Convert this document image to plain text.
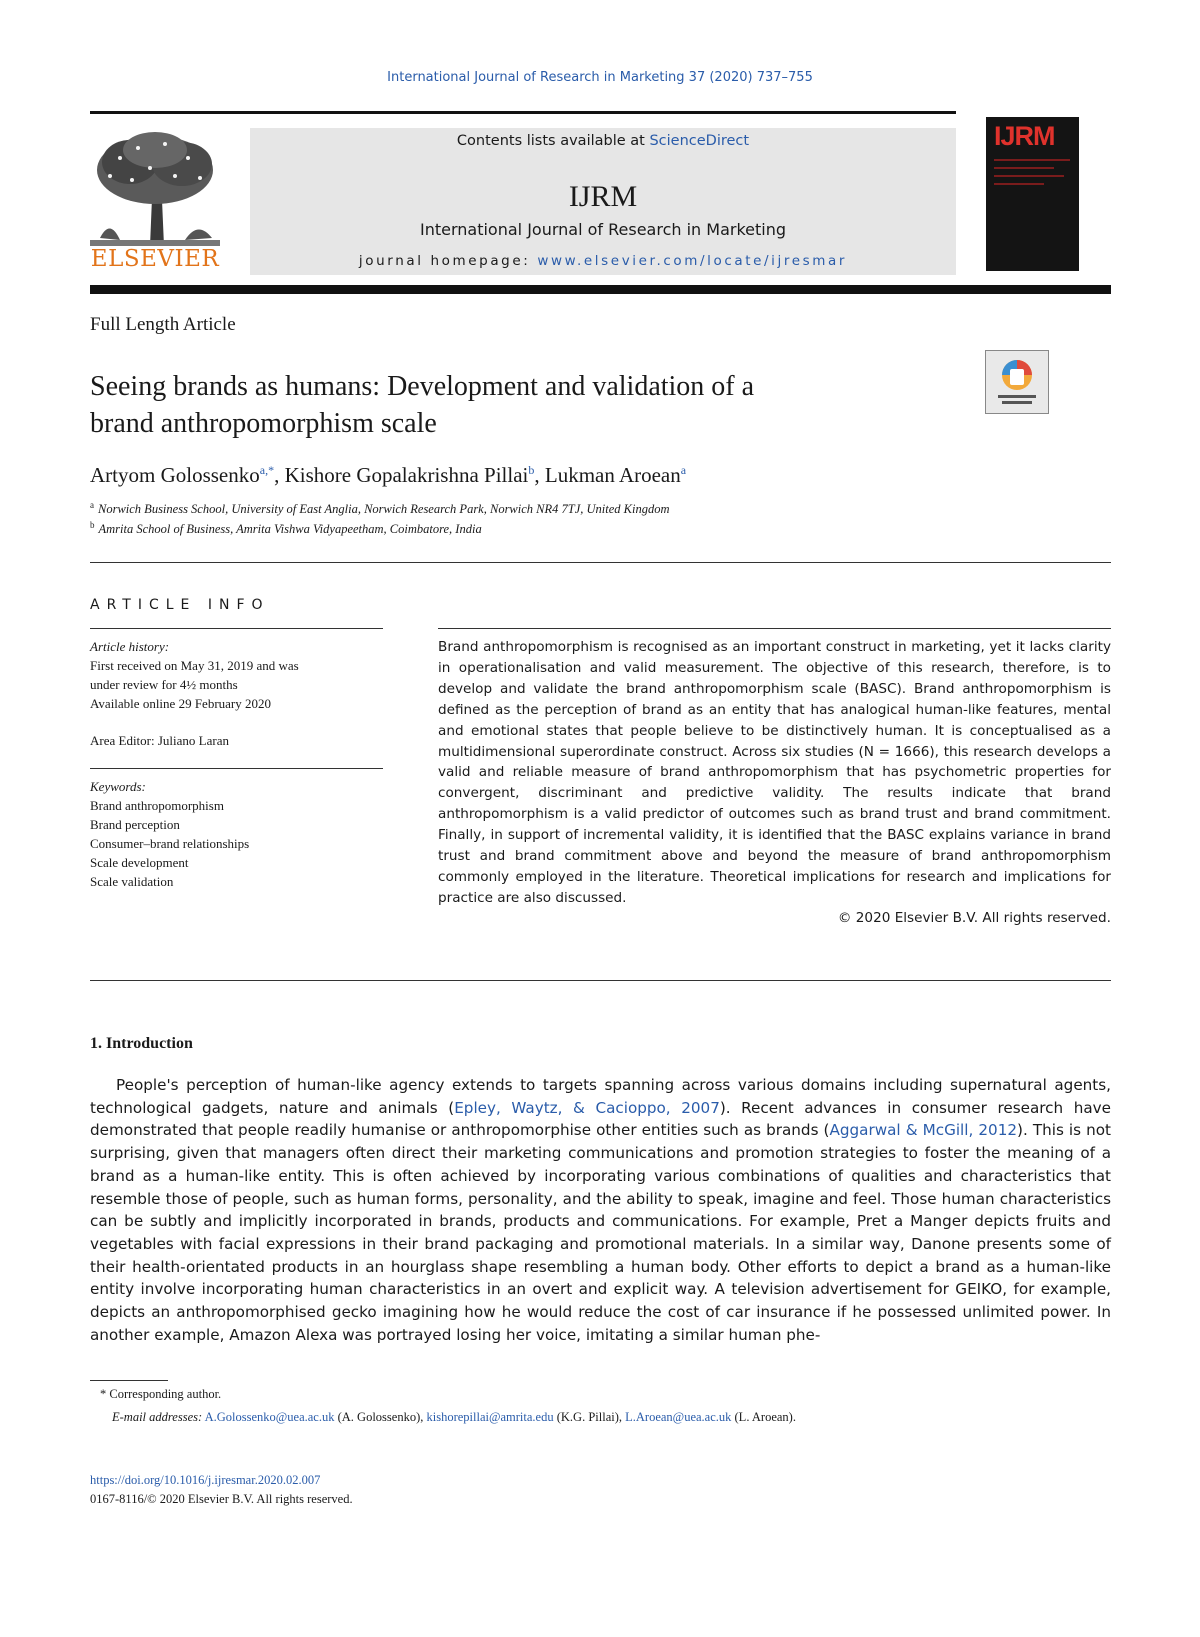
International Journal of Research in Marketing 37 (2020) 737–755
ELSEVIER
Contents lists available at ScienceDirect
IJRM
International Journal of Research in Marketing
journal homepage: www.elsevier.com/locate/ijresmar
IJRM
Full Length Article
Seeing brands as humans: Development and validation of a
brand anthropomorphism scale
Artyom Golossenko$^{a,*}$, Kishore Gopalakrishna Pillai$^b$, Lukman Aroean$^a$
$^a$ Norwich Business School, University of East Anglia, Norwich Research Park, Norwich NR4 7TJ, United Kingdom
$^b$ Amrita School of Business, Amrita Vishwa Vidyapeetham, Coimbatore, India
ARTICLE INFO
Article history:
First received on May 31, 2019 and was
under review for 4½ months
Available online 29 February 2020
Area Editor: Juliano Laran
Keywords:
Brand anthropomorphism
Brand perception
Consumer–brand relationships
Scale development
Scale validation
Brand anthropomorphism is recognised as an important construct in marketing, yet it lacks clarity in operationalisation and valid measurement. The objective of this research, therefore, is to develop and validate the brand anthropomorphism scale (BASC). Brand anthropomorphism is defined as the perception of brand as an entity that has analogical human-like features, mental and emotional states that people believe to be distinctively human. It is conceptualised as a multidimensional superordinate construct. Across six studies (N = 1666), this research develops a valid and reliable measure of brand anthropomorphism that has psychometric properties for convergent, discriminant and predictive validity. The results indicate that brand anthropomorphism is a valid predictor of outcomes such as brand trust and brand commitment. Finally, in support of incremental validity, it is identified that the BASC explains variance in brand trust and brand commitment above and beyond the measure of brand anthropomorphism commonly employed in the literature. Theoretical implications for research and implications for practice are also discussed.
© 2020 Elsevier B.V. All rights reserved.
1. Introduction

People's perception of human-like agency extends to targets spanning across various domains including supernatural agents, technological gadgets, nature and animals (Epley, Waytz, & Cacioppo, 2007). Recent advances in consumer research have demonstrated that people readily humanise or anthropomorphise other entities such as brands (Aggarwal & McGill, 2012). This is not surprising, given that managers often direct their marketing communications and promotion strategies to foster the meaning of a brand as a human-like entity. This is often achieved by incorporating various combinations of qualities and characteristics that resemble those of people, such as human forms, personality, and the ability to speak, imagine and feel. Those human characteristics can be subtly and implicitly incorporated in brands, products and communications. For example, Pret a Manger depicts fruits and vegetables with facial expressions in their brand packaging and promotional materials. In a similar way, Danone presents some of their health-orientated products in an hourglass shape resembling a human body. Other efforts to depict a brand as a human-like entity involve incorporating human characteristics in an overt and explicit way. A television advertisement for GEIKO, for example, depicts an anthropomorphised gecko imagining how he would reduce the cost of car insurance if he possessed unlimited power. In another example, Amazon Alexa was portrayed losing her voice, imitating a similar human phe-

* Corresponding author.
E-mail addresses: A.Golossenko@uea.ac.uk (A. Golossenko), kishorepillai@amrita.edu (K.G. Pillai), L.Aroean@uea.ac.uk (L. Aroean).
https://doi.org/10.1016/j.ijresmar.2020.02.007
0167-8116/© 2020 Elsevier B.V. All rights reserved.
